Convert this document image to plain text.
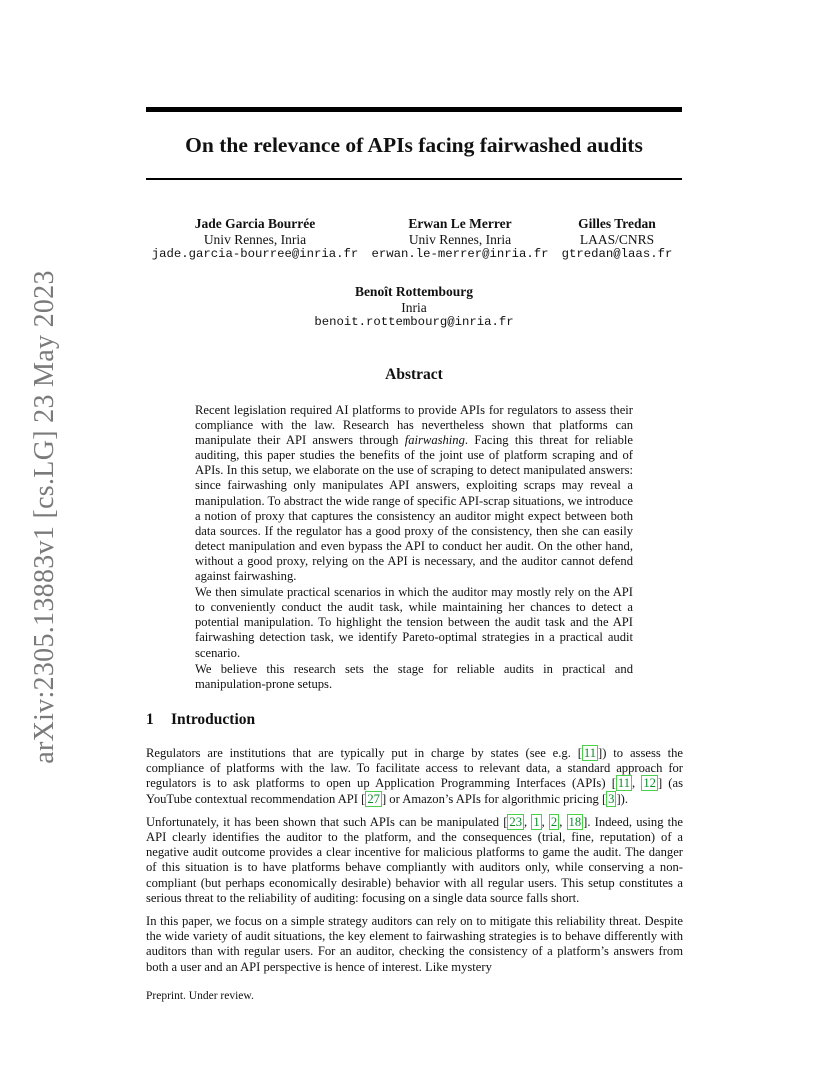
arXiv:2305.13883v1 [cs.LG] 23 May 2023
On the relevance of APIs facing fairwashed audits
Jade Garcia Bourrée
Univ Rennes, Inria
jade.garcia-bourree@inria.fr
Erwan Le Merrer
Univ Rennes, Inria
erwan.le-merrer@inria.fr
Gilles Tredan
LAAS/CNRS
gtredan@laas.fr
Benoît Rottembourg
Inria
benoit.rottembourg@inria.fr
Abstract

Recent legislation required AI platforms to provide APIs for regulators to assess their compliance with the law. Research has nevertheless shown that platforms can manipulate their API answers through fairwashing. Facing this threat for reliable auditing, this paper studies the benefits of the joint use of platform scraping and of APIs. In this setup, we elaborate on the use of scraping to detect manipulated answers: since fairwashing only manipulates API answers, exploiting scraps may reveal a manipulation. To abstract the wide range of specific API-scrap situations, we introduce a notion of proxy that captures the consistency an auditor might expect between both data sources. If the regulator has a good proxy of the consistency, then she can easily detect manipulation and even bypass the API to conduct her audit. On the other hand, without a good proxy, relying on the API is necessary, and the auditor cannot defend against fairwashing.

We then simulate practical scenarios in which the auditor may mostly rely on the API to conveniently conduct the audit task, while maintaining her chances to detect a potential manipulation. To highlight the tension between the audit task and the API fairwashing detection task, we identify Pareto-optimal strategies in a practical audit scenario.

We believe this research sets the stage for reliable audits in practical and manipulation-prone setups.

1 Introduction

Regulators are institutions that are typically put in charge by states (see e.g. [ 11 ]) to assess the compliance of platforms with the law. To facilitate access to relevant data, a standard approach for regulators is to ask platforms to open up Application Programming Interfaces (APIs) [ 11 , 12 ] (as YouTube contextual recommendation API [ 27 ] or Amazon’s APIs for algorithmic pricing [ 3 ]).

Unfortunately, it has been shown that such APIs can be manipulated [ 23 , 1 , 2 , 18 ]. Indeed, using the API clearly identifies the auditor to the platform, and the consequences (trial, fine, reputation) of a negative audit outcome provides a clear incentive for malicious platforms to game the audit. The danger of this situation is to have platforms behave compliantly with auditors only, while conserving a non-compliant (but perhaps economically desirable) behavior with all regular users. This setup constitutes a serious threat to the reliability of auditing: focusing on a single data source falls short.

In this paper, we focus on a simple strategy auditors can rely on to mitigate this reliability threat. Despite the wide variety of audit situations, the key element to fairwashing strategies is to behave differently with auditors than with regular users. For an auditor, checking the consistency of a platform’s answers from both a user and an API perspective is hence of interest. Like mystery

Preprint. Under review.
